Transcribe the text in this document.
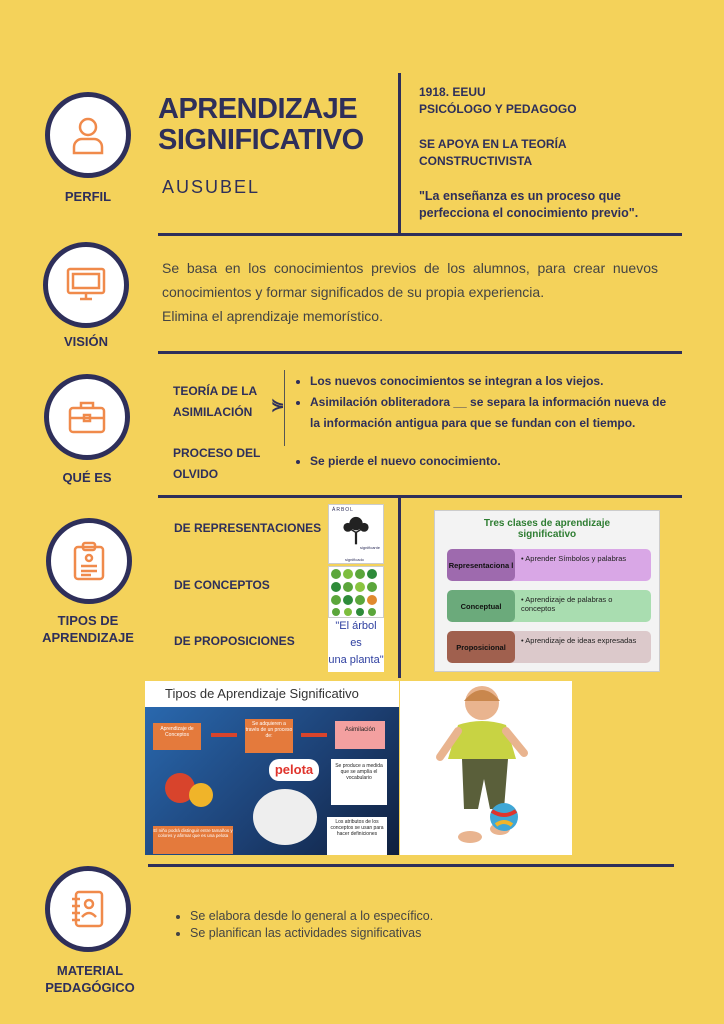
PERFIL
APRENDIZAJE
SIGNIFICATIVO
AUSUBEL
1918. EEUU
PSICÓLOGO Y PEDAGOGO
SE APOYA EN LA TEORÍA
CONSTRUCTIVISTA
"La enseñanza es un proceso que perfecciona el conocimiento previo".
VISIÓN
Se basa en los conocimientos previos de los alumnos, para crear nuevos conocimientos y formar significados de su propia experiencia.
Elimina el aprendizaje memorístico.
QUÉ ES
TEORÍA DE LA ASIMILACIÓN	⋟
• Los nuevos conocimientos se integran a los viejos.
• Asimilación obliteradora __ se separa la información nueva de la información antigua para que se fundan con el tiempo.
PROCESO DEL OLVIDO
• Se pierde el nuevo conocimiento.
TIPOS DE
APRENDIZAJE
DE REPRESENTACIONES
DE CONCEPTOS
DE PROPOSICIONES
ÁRBOL
significante
significado
"El árbol
es
una planta"
Tres clases de aprendizaje
significativo
• Aprender Símbolos y palabras
Representaciona l
• Aprendizaje de palabras o conceptos
Conceptual
• Aprendizaje de ideas expresadas
Proposicional
Tipos de Aprendizaje Significativo
Aprendizaje de Conceptos
Se adquieren a través de un proceso de:
Asimilación
Se produce a medida que se amplía el vocabulario
Los atributos de los conceptos se usan para hacer definiciones
pelota
El niño podrá distinguir entre tamaños y colores y afirmar que es una pelota
MATERIAL
PEDAGÓGICO
• Se elabora desde lo general a lo específico.
• Se planifican las actividades significativas
